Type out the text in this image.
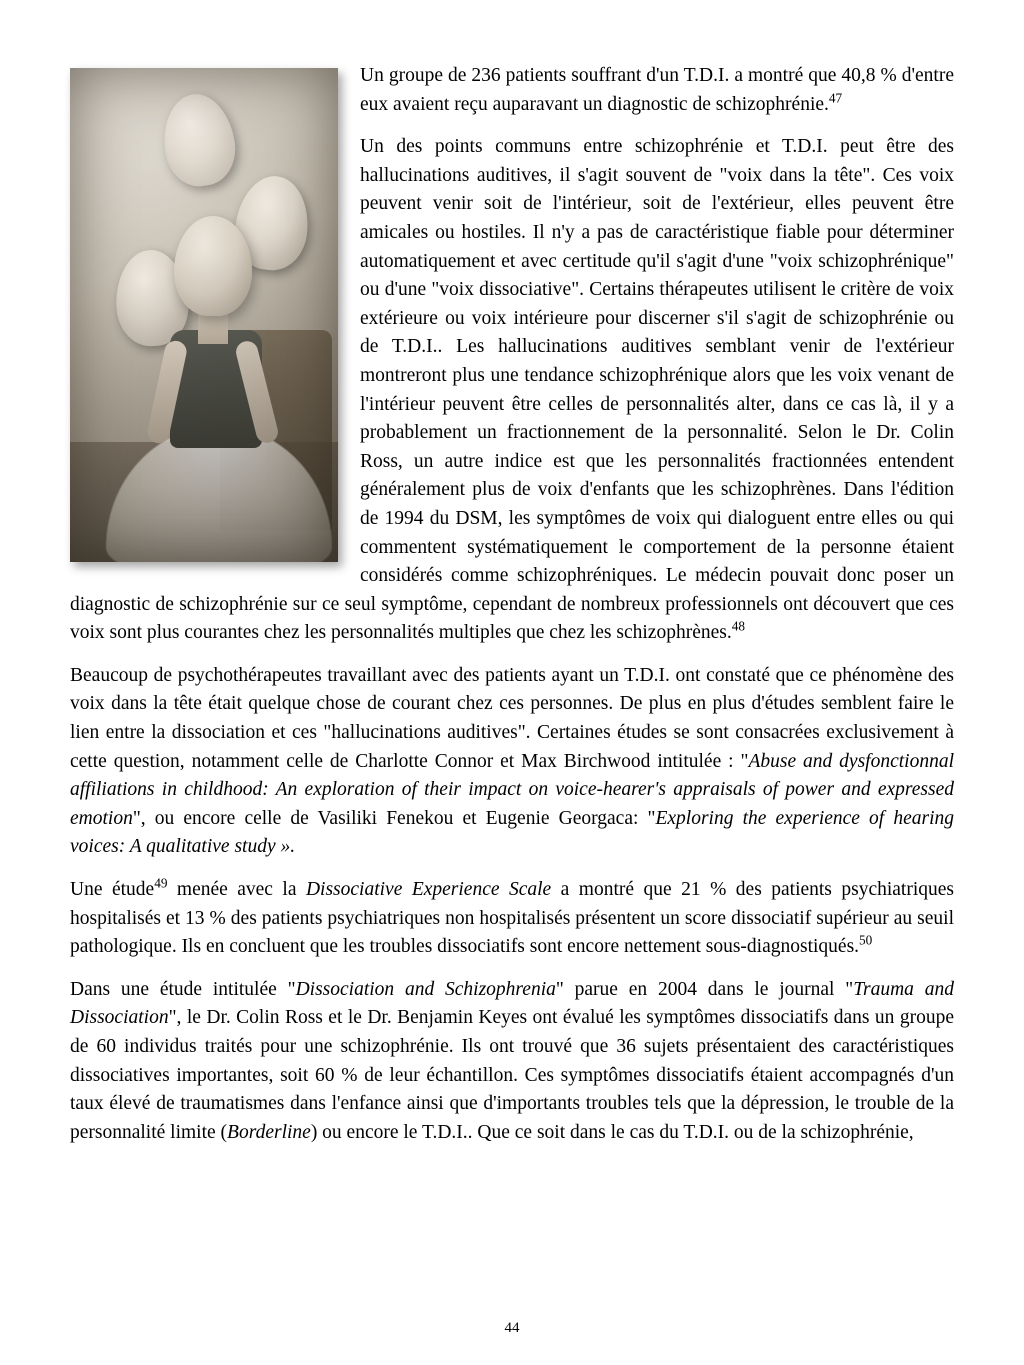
Un groupe de 236 patients souffrant d'un T.D.I. a montré que 40,8 % d'entre eux avaient reçu auparavant un diagnostic de schizophrénie.$^{47}$

Un des points communs entre schizophrénie et T.D.I. peut être des hallucinations auditives, il s'agit souvent de "voix dans la tête". Ces voix peuvent venir soit de l'intérieur, soit de l'extérieur, elles peuvent être amicales ou hostiles. Il n'y a pas de caractéristique fiable pour déterminer automatiquement et avec certitude qu'il s'agit d'une "voix schizophrénique" ou d'une "voix dissociative". Certains thérapeutes utilisent le critère de voix extérieure ou voix intérieure pour discerner s'il s'agit de schizophrénie ou de T.D.I.. Les hallucinations auditives semblant venir de l'extérieur montreront plus une tendance schizophrénique alors que les voix venant de l'intérieur peuvent être celles de personnalités alter, dans ce cas là, il y a probablement un fractionnement de la personnalité. Selon le Dr. Colin Ross, un autre indice est que les personnalités fractionnées entendent généralement plus de voix d'enfants que les schizophrènes. Dans l'édition de 1994 du DSM, les symptômes de voix qui dialoguent entre elles ou qui commentent systématiquement le comportement de la personne étaient considérés comme schizophréniques. Le médecin pouvait donc poser un diagnostic de schizophrénie sur ce seul symptôme, cependant de nombreux professionnels ont découvert que ces voix sont plus courantes chez les personnalités multiples que chez les schizophrènes.$^{48}$

Beaucoup de psychothérapeutes travaillant avec des patients ayant un T.D.I. ont constaté que ce phénomène des voix dans la tête était quelque chose de courant chez ces personnes. De plus en plus d'études semblent faire le lien entre la dissociation et ces "hallucinations auditives". Certaines études se sont consacrées exclusivement à cette question, notamment celle de Charlotte Connor et Max Birchwood intitulée : "Abuse and dysfonctionnal affiliations in childhood: An exploration of their impact on voice-hearer's appraisals of power and expressed emotion", ou encore celle de Vasiliki Fenekou et Eugenie Georgaca: "Exploring the experience of hearing voices: A qualitative study ».

Une étude$^{49}$ menée avec la Dissociative Experience Scale a montré que 21 % des patients psychiatriques hospitalisés et 13 % des patients psychiatriques non hospitalisés présentent un score dissociatif supérieur au seuil pathologique. Ils en concluent que les troubles dissociatifs sont encore nettement sous-diagnostiqués.$^{50}$

Dans une étude intitulée "Dissociation and Schizophrenia" parue en 2004 dans le journal "Trauma and Dissociation", le Dr. Colin Ross et le Dr. Benjamin Keyes ont évalué les symptômes dissociatifs dans un groupe de 60 individus traités pour une schizophrénie. Ils ont trouvé que 36 sujets présentaient des caractéristiques dissociatives importantes, soit 60 % de leur échantillon. Ces symptômes dissociatifs étaient accompagnés d'un taux élevé de traumatismes dans l'enfance ainsi que d'importants troubles tels que la dépression, le trouble de la personnalité limite (Borderline) ou encore le T.D.I.. Que ce soit dans le cas du T.D.I. ou de la schizophrénie,

44
